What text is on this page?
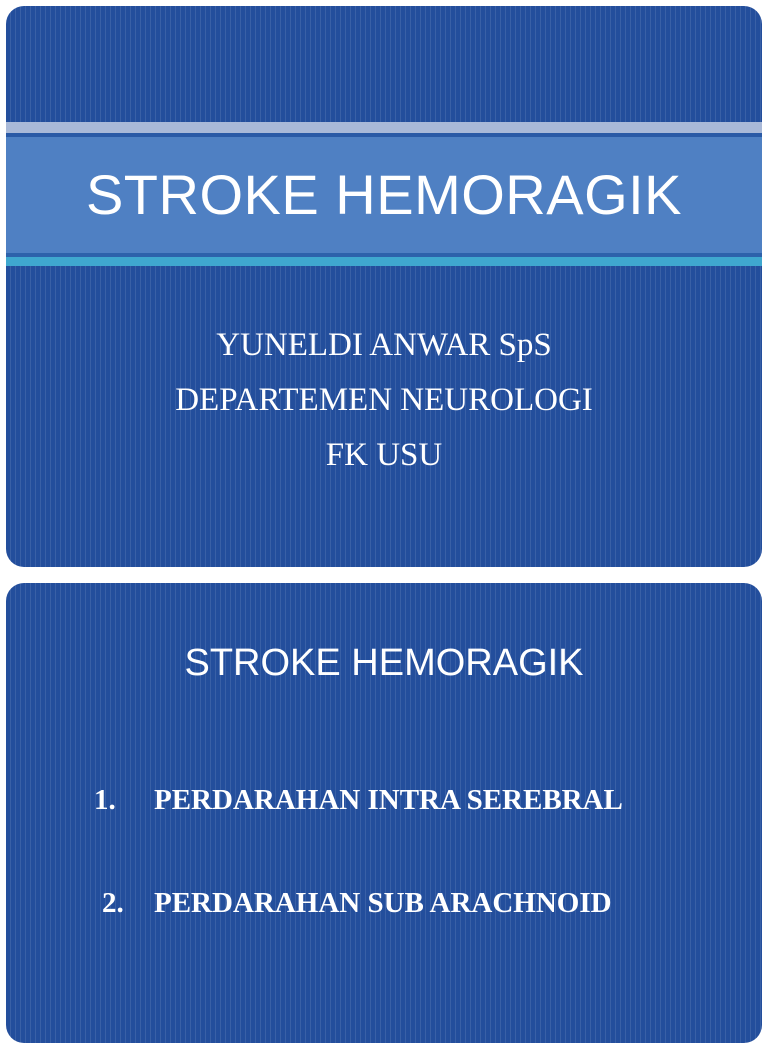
STROKE HEMORAGIK
YUNELDI ANWAR SpS
DEPARTEMEN NEUROLOGI
FK USU
STROKE HEMORAGIK
1. PERDARAHAN INTRA SEREBRAL
2. PERDARAHAN SUB ARACHNOID
